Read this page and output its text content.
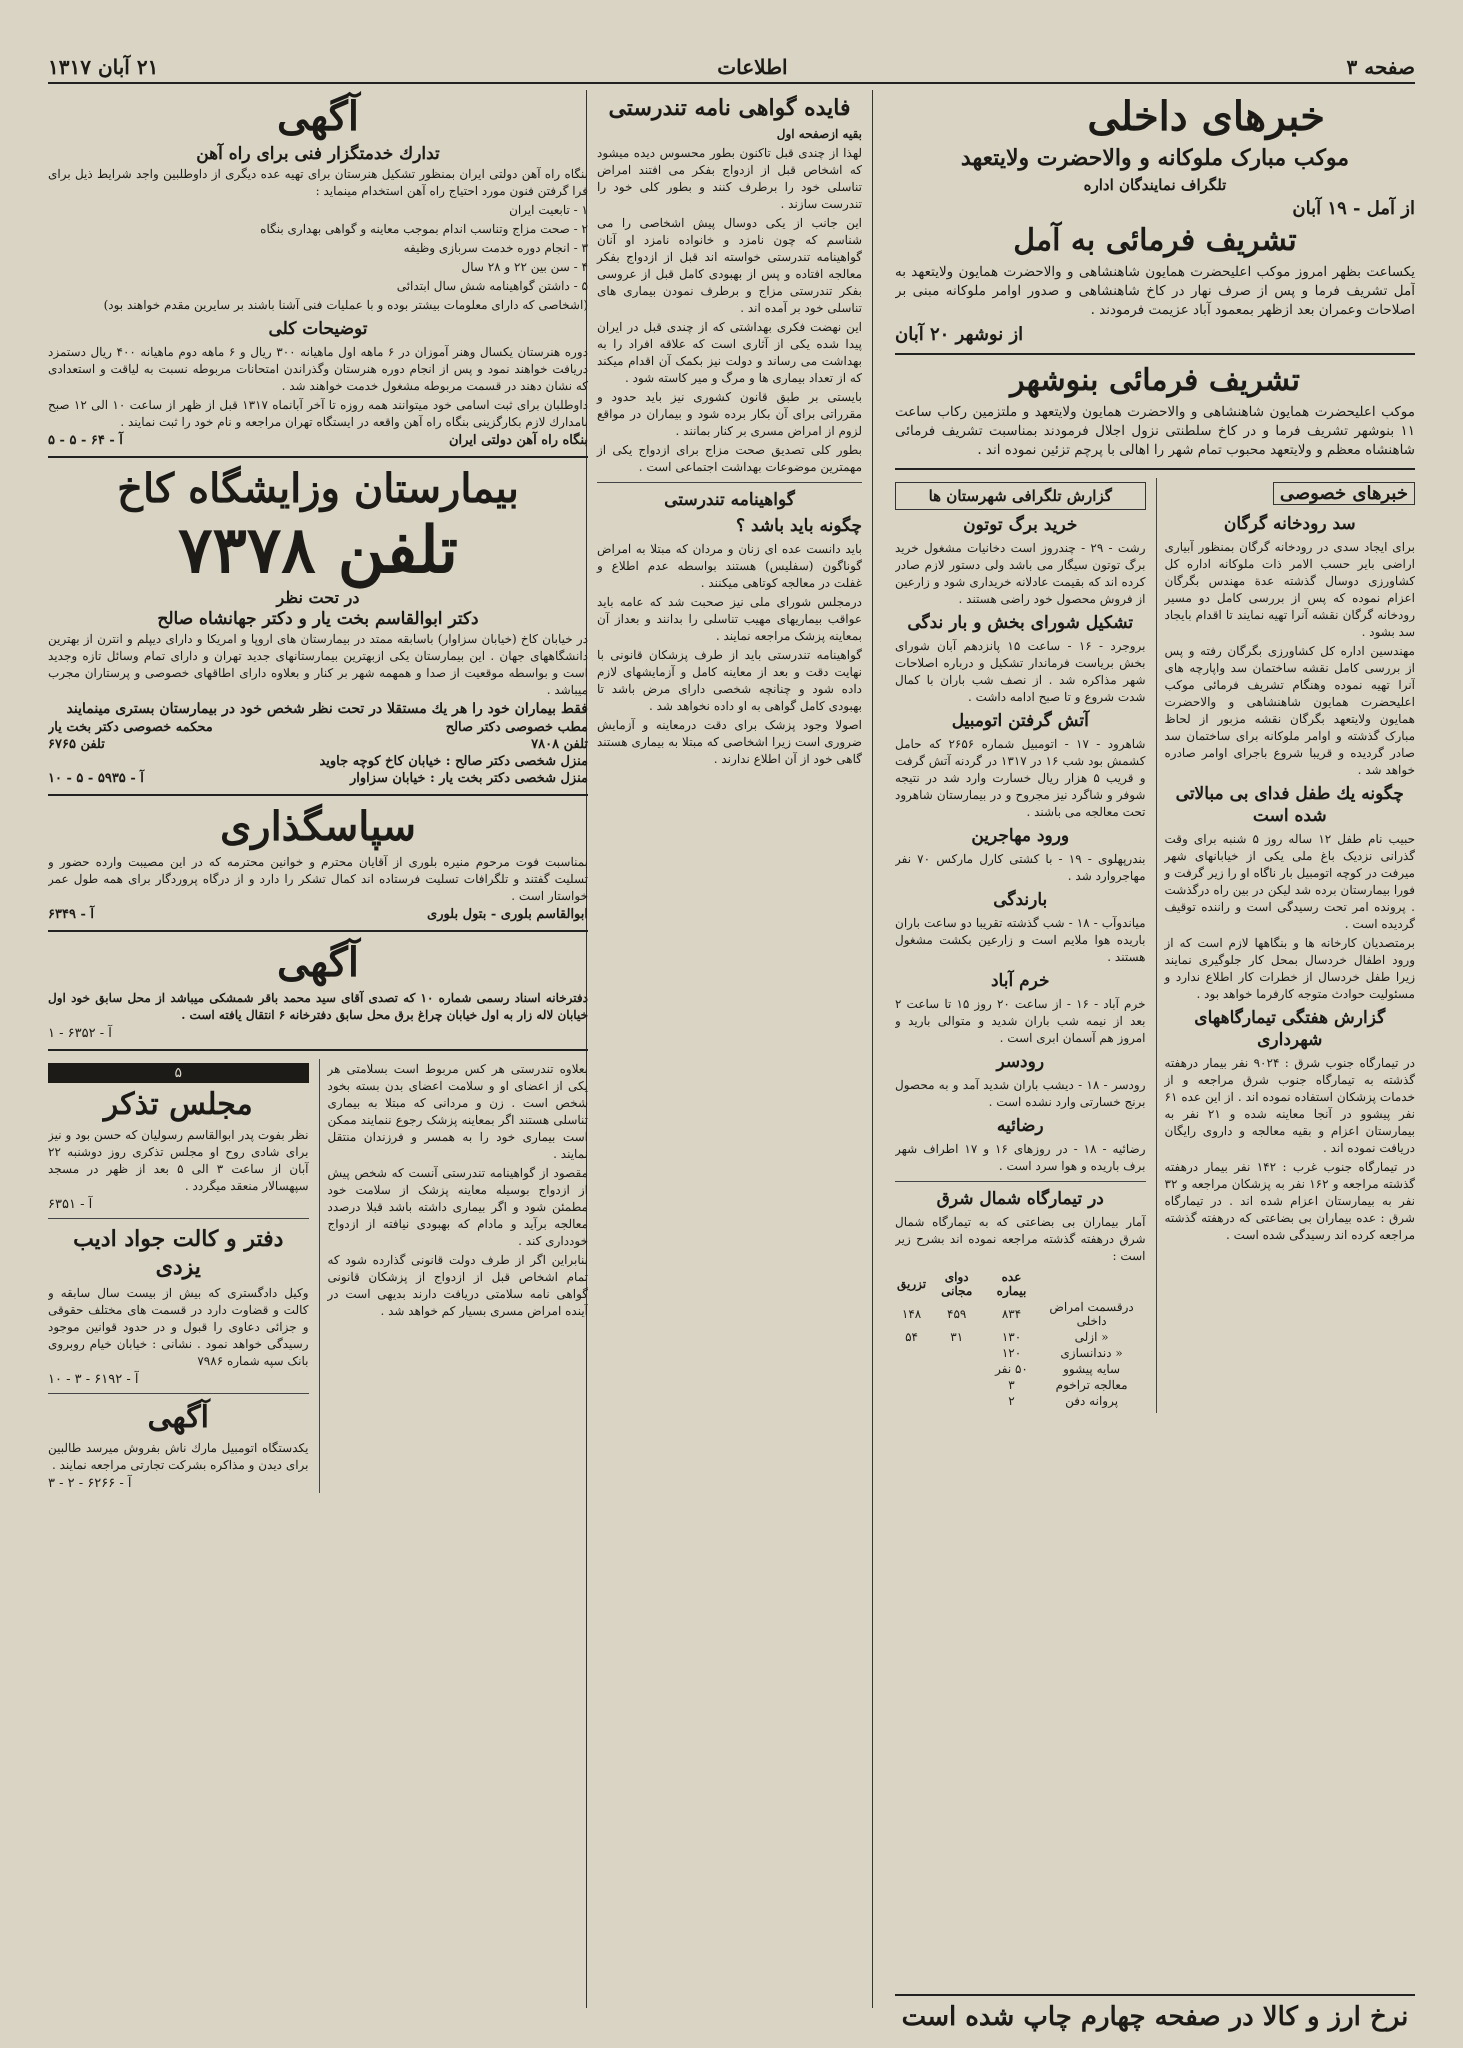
صفحه ۳
اطلاعات
۲۱ آبان ۱۳۱۷
خبرهای داخلی
موکب مبارک ملوکانه و والاحضرت ولایتعهد
تلگراف نمایندگان اداره
از آمل - ۱۹ آبان
تشریف فرمائی به آمل

یکساعت بظهر امروز موکب اعلیحضرت همایون شاهنشاهی و والاحضرت همایون ولایتعهد به آمل تشریف فرما و پس از صرف نهار در کاخ شاهنشاهی و صدور اوامر ملوکانه مبنی بر اصلاحات وعمران بعد ازظهر بمعمود آباد عزیمت فرمودند .

از نوشهر ۲۰ آبان
تشریف فرمائی بنوشهر

موکب اعلیحضرت همایون شاهنشاهی و والاحضرت همایون ولایتعهد و ملتزمین رکاب ساعت ۱۱ بنوشهر تشریف فرما و در کاخ سلطنتی نزول اجلال فرمودند بمناسبت تشریف فرمائی شاهنشاه معظم و ولایتعهد محبوب تمام شهر را اهالی با پرچم تزئین نموده اند .

خبرهای خصوصی
سد رودخانه گرگان

برای ایجاد سدی در رودخانه گرگان بمنظور آبیاری اراضی بایر حسب الامر ذات ملوکانه اداره کل کشاورزی دوسال گذشته عدة مهندس بگرگان اعزام نموده که پس از بررسی کامل دو مسیر رودخانه گرگان نقشه آنرا تهیه نمایند تا اقدام بایجاد سد بشود .

مهندسین اداره کل کشاورزی بگرگان رفته و پس از بررسی کامل نقشه ساختمان سد واپارچه های آنرا تهیه نموده وهنگام تشریف فرمائی موکب اعلیحضرت همایون شاهنشاهی و والاحضرت همایون ولایتعهد بگرگان نقشه مزبور از لحاظ مبارک گذشته و اوامر ملوکانه برای ساختمان سد صادر گردیده و قریبا شروع باجرای اوامر صادره خواهد شد .

چگونه یك طفل فدای بی مبالاتی شده است

حبیب نام طفل ۱۲ ساله روز ۵ شنبه برای وقت گذرانی نزدیک باغ ملی یکی از خیابانهای شهر میرفت در کوچه اتومبیل بار ناگاه او را زیر گرفت و فورا بیمارستان برده شد لیکن در بین راه درگذشت . پرونده امر تحت رسیدگی است و راننده توقیف گردیده است .

برمتصدیان کارخانه ها و بنگاهها لازم است که از ورود اطفال خردسال بمحل کار جلوگیری نمایند زیرا طفل خردسال از خطرات کار اطلاع ندارد و مسئولیت حوادث متوجه کارفرما خواهد بود .

گزارش هفتگی تیمارگاههای شهرداری

در تیمارگاه جنوب شرق : ۹۰۲۴ نفر بیمار درهفته گذشته به تیمارگاه جنوب شرق مراجعه و از خدمات پزشکان استفاده نموده اند . از این عده ۶۱ نفر پیشوو در آنجا معاینه شده و ۲۱ نفر به بیمارستان اعزام و بقیه معالجه و داروی رایگان دریافت نموده اند .

در تیمارگاه جنوب غرب : ۱۴۲ نفر بیمار درهفته گذشته مراجعه و ۱۶۲ نفر به پزشکان مراجعه و ۳۲ نفر به بیمارستان اعزام شده اند . در تیمارگاه شرق : عده بیماران بی بضاعتی که درهفته گذشته مراجعه کرده اند رسیدگی شده است .

گزارش تلگرافی شهرستان ها
خرید برگ توتون

رشت - ۲۹ - چندروز است دخانیات مشغول خرید برگ توتون سیگار می باشد ولی دستور لازم صادر کرده اند که بقیمت عادلانه خریداری شود و زارعین از فروش محصول خود راضی هستند .

تشکیل شورای بخش و بار ندگی

بروجرد - ۱۶ - ساعت ۱۵ پانزدهم آبان شورای بخش بریاست فرماندار تشکیل و درباره اصلاحات شهر مذاکره شد . از نصف شب باران با کمال شدت شروع و تا صبح ادامه داشت .

آتش گرفتن اتومبیل

شاهرود - ۱۷ - اتومبیل شماره ۲۶۵۶ که حامل کشمش بود شب ۱۶ در ۱۳۱۷ در گردنه آتش گرفت و قریب ۵ هزار ریال خسارت وارد شد در نتیجه شوفر و شاگرد نیز مجروح و در بیمارستان شاهرود تحت معالجه می باشند .

ورود مهاجرین

بندرپهلوی - ۱۹ - با کشتی کارل مارکس ۷۰ نفر مهاجروارد شد .

بارندگی

میاندوآب - ۱۸ - شب گذشته تقریبا دو ساعت باران باریده هوا ملایم است و زارعین بکشت مشغول هستند .

خرم آباد

خرم آباد - ۱۶ - از ساعت ۲۰ روز ۱۵ تا ساعت ۲ بعد از نیمه شب باران شدید و متوالی بارید و امروز هم آسمان ابری است .

رودسر

رودسر - ۱۸ - دیشب باران شدید آمد و به محصول برنج خسارتی وارد نشده است .

رضائیه

رضائیه - ۱۸ - در روزهای ۱۶ و ۱۷ اطراف شهر برف باریده و هوا سرد است .

در تیمارگاه شمال شرق

آمار بیماران بی بضاعتی که به تیمارگاه شمال شرق درهفته گذشته مراجعه نموده اند بشرح زیر است :

	عده بیماره	دوای مجانی	تزریق
درقسمت امراض داخلی	۸۳۴	۴۵۹	۱۴۸
« ازلی	۱۳۰	۳۱	۵۴
« دندانسازی	۱۲۰		
سایه پیشوو	۵۰ نفر		
معالجه تراخوم	۳		
پروانه دفن	۲		
فایده گواهی نامه تندرستی
بقیه ازصفحه اول

لهذا از چندی قبل تاکنون بطور محسوس دیده میشود که اشخاص قبل از ازدواج بفکر می افتند امراض تناسلی خود را برطرف کنند و بطور کلی خود را تندرست سازند .

این جانب از یکی دوسال پیش اشخاصی را می شناسم که چون نامزد و خانواده نامزد او آنان گواهینامه تندرستی خواسته اند قبل از ازدواج بفکر معالجه افتاده و پس از بهبودی کامل قبل از عروسی بفکر تندرستی مزاج و برطرف نمودن بیماری های تناسلی خود بر آمده اند .

این نهضت فکری بهداشتی که از چندی قبل در ایران پیدا شده یکی از آثاری است که علاقه افراد را به بهداشت می رساند و دولت نیز بکمک آن اقدام میکند که از تعداد بیماری ها و مرگ و میر کاسته شود .

بایستی بر طبق قانون کشوری نیز باید حدود و مقرراتی برای آن بکار برده شود و بیماران در مواقع لزوم از امراض مسری بر کنار بمانند .

بطور کلی تصدیق صحت مزاج برای ازدواج یکی از مهمترین موضوعات بهداشت اجتماعی است .

گواهینامه تندرستی
چگونه باید باشد ؟

باید دانست عده ای زنان و مردان که مبتلا به امراض گوناگون (سفلیس) هستند بواسطه عدم اطلاع و غفلت در معالجه کوتاهی میکنند .

درمجلس شورای ملی نیز صحبت شد که عامه باید عواقب بیماریهای مهیب تناسلی را بدانند و بعداز آن بمعاینه پزشک مراجعه نمایند .

گواهینامه تندرستی باید از طرف پزشکان قانونی با نهایت دقت و بعد از معاینه کامل و آزمایشهای لازم داده شود و چنانچه شخصی دارای مرض باشد تا بهبودی کامل گواهی به او داده نخواهد شد .

اصولا وجود پزشک برای دقت درمعاینه و آزمایش ضروری است زیرا اشخاصی که مبتلا به بیماری هستند گاهی خود از آن اطلاع ندارند .

آگهی
تدارك خدمتگزار فنی برای راه آهن

بنگاه راه آهن دولتی ایران بمنظور تشکیل هنرستان برای تهیه عده دیگری از داوطلبین واجد شرایط ذیل برای فرا گرفتن فنون مورد احتیاج راه آهن استخدام مینماید :

۱ - تابعیت ایران
۲ - صحت مزاج وتناسب اندام بموجب معاینه و گواهی بهداری بنگاه
۳ - انجام دوره خدمت سربازی وظیفه
۴ - سن بین ۲۲ و ۲۸ سال
۵ - داشتن گواهینامه شش سال ابتدائی

(اشخاصی که دارای معلومات بیشتر بوده و با عملیات فنی آشنا باشند بر سایرین مقدم خواهند بود)

توضیحات کلی

دوره هنرستان یکسال وهنر آموزان در ۶ ماهه اول ماهیانه ۳۰۰ ریال و ۶ ماهه دوم ماهیانه ۴۰۰ ریال دستمزد دریافت خواهند نمود و پس از انجام دوره هنرستان وگذراندن امتحانات مربوطه نسبت به لیاقت و استعدادی که نشان دهند در قسمت مربوطه مشغول خدمت خواهند شد .

داوطلبان برای ثبت اسامی خود میتوانند همه روزه تا آخر آبانماه ۱۳۱۷ قبل از ظهر از ساعت ۱۰ الی ۱۲ صبح بامدارك لازم بکارگزینی بنگاه راه آهن واقعه در ایستگاه تهران مراجعه و نام خود را ثبت نمایند .

بنگاه راه آهن دولتی ایران
آ - ۶۴ - ۵ - ۵
بیمارستان وزایشگاه کاخ
تلفن ۷۳۷۸
در تحت نظر
دکتر ابوالقاسم بخت یار و دکتر جهانشاه صالح

در خیابان کاخ (خیابان سزاوار) باسابقه ممتد در بیمارستان های اروپا و امریکا و دارای دیپلم و انترن از بهترین دانشگاههای جهان . این بیمارستان یکی ازبهترین بیمارستانهای جدید تهران و دارای تمام وسائل تازه وجدید است و بواسطه موقعیت از صدا و همهمه شهر بر کنار و بعلاوه دارای اطاقهای خصوصی و پرستاران مجرب میباشد .

فقط بیماران خود را هر یك مستقلا در تحت نظر شخص خود در بیمارستان بستری مینمایند

مطب خصوصی دکتر صالح
محکمه خصوصی دکتر بخت یار
تلفن ۷۸۰۸
تلفن ۶۷۶۵
منزل شخصی دکتر صالح : خیابان کاخ کوچه جاوید
منزل شخصی دکتر بخت یار : خیابان سزاوار
آ - ۵۹۳۵ - ۵ - ۱۰
سپاسگذاری

بمناسبت فوت مرحوم منیره بلوری از آقایان محترم و خوانین محترمه که در این مصیبت وارده حضور و تسلیت گفتند و تلگرافات تسلیت فرستاده اند کمال تشکر را دارد و از درگاه پروردگار برای همه طول عمر خواستار است .

ابوالقاسم بلوری - بتول بلوری
آ - ۶۳۴۹
آگهی

دفترخانه اسناد رسمی شماره ۱۰ که تصدی آقای سید محمد باقر شمشکی میباشد از محل سابق خود اول خیابان لاله زار به اول خیابان چراغ برق محل سابق دفترخانه ۶ انتقال یافته است .

آ - ۶۳۵۲ - ۱

بعلاوه تندرستی هر کس مربوط است بسلامتی هر یکی از اعضای او و سلامت اعضای بدن بسته بخود شخص است . زن و مردانی که مبتلا به بیماری تناسلی هستند اگر بمعاینه پزشک رجوع ننمایند ممکن است بیماری خود را به همسر و فرزندان منتقل نمایند .

مقصود از گواهینامه تندرستی آنست که شخص پیش از ازدواج بوسیله معاینه پزشک از سلامت خود مطمئن شود و اگر بیماری داشته باشد قبلا درصدد معالجه برآید و مادام که بهبودی نیافته از ازدواج خودداری کند .

بنابراین اگر از طرف دولت قانونی گذارده شود که تمام اشخاص قبل از ازدواج از پزشکان قانونی گواهی نامه سلامتی دریافت دارند بدیهی است در آینده امراض مسری بسیار کم خواهد شد .

۵
مجلس تذکر

نظر بفوت پدر ابوالقاسم رسولیان که حسن بود و نیز برای شادی روح او مجلس تذکری روز دوشنبه ۲۲ آبان از ساعت ۳ الی ۵ بعد از ظهر در مسجد سپهسالار منعقد میگردد .

آ - ۶۳۵۱
دفتر و کالت جواد ادیب یزدی

وکیل دادگستری که بیش از بیست سال سابقه و کالت و قضاوت دارد در قسمت های مختلف حقوقی و جزائی دعاوی را قبول و در حدود قوانین موجود رسیدگی خواهد نمود . نشانی : خیابان خیام روبروی بانک سپه شماره ۷۹۸۶

آ - ۶۱۹۲ - ۳ - ۱۰
آگهی

یکدستگاه اتومبیل مارك ناش بفروش میرسد طالبین برای دیدن و مذاکره بشرکت تجارتی مراجعه نمایند .

آ - ۶۲۶۶ - ۲ - ۳
نرخ ارز و کالا در صفحه چهارم چاپ شده است
